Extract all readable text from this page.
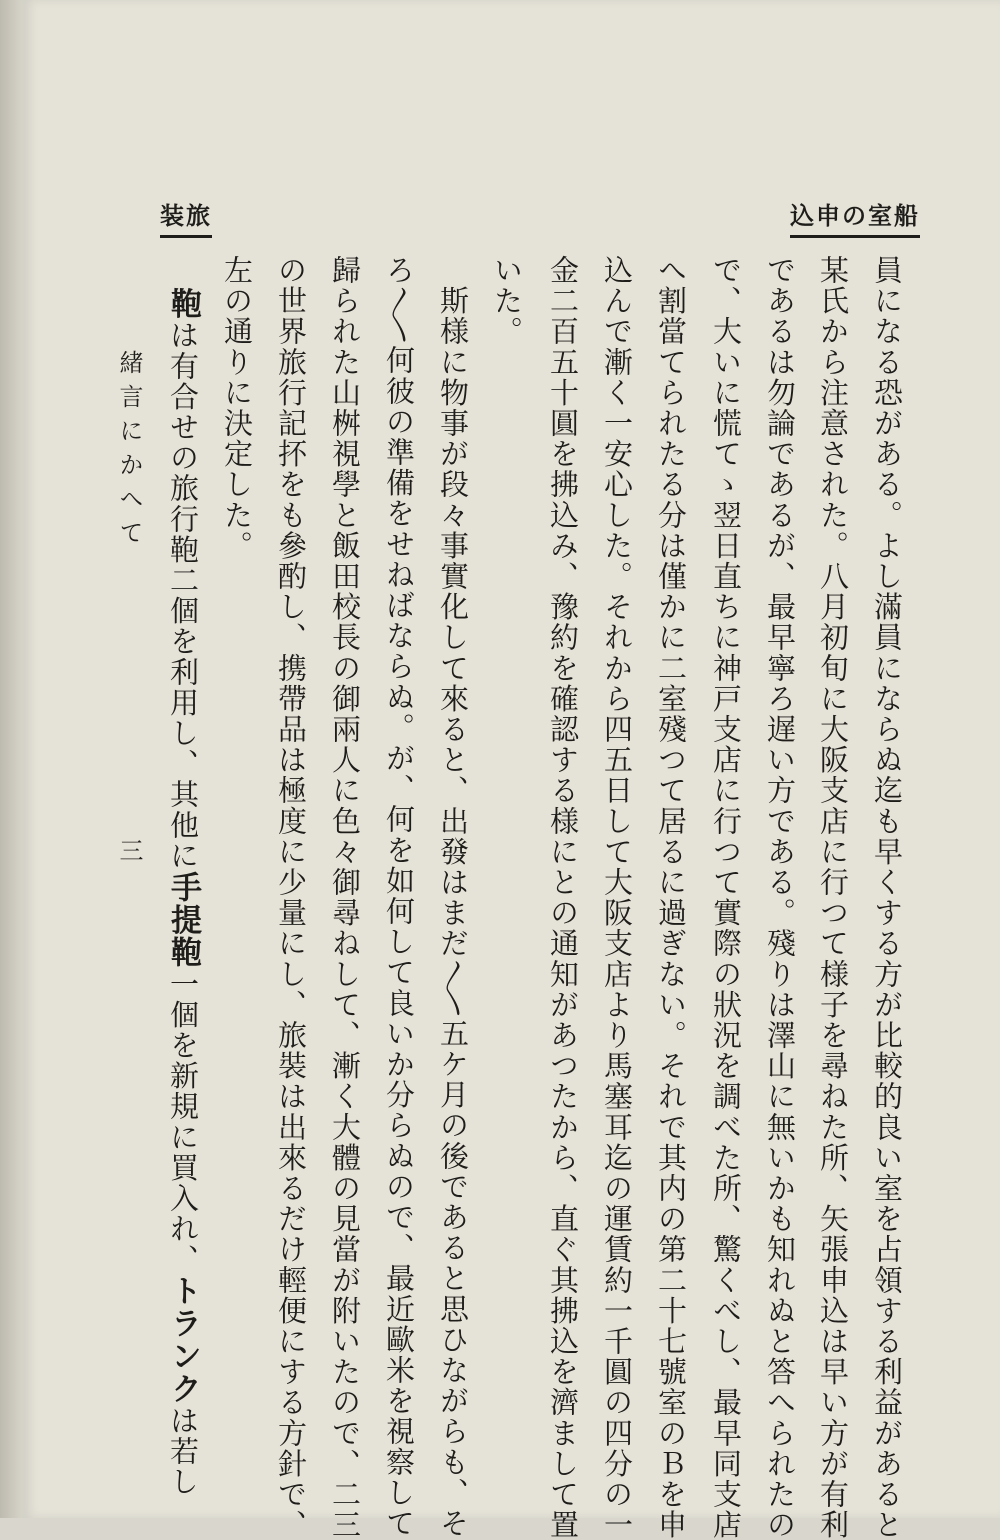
込申の室船
装旅
員になる恐がある。よし滿員にならぬ迄も早くする方が比較的良い室を占領する利益があると
某氏から注意された。八月初旬に大阪支店に行つて様子を尋ねた所、矢張申込は早い方が有利
であるは勿論であるが、最早寧ろ遅い方である。殘りは澤山に無いかも知れぬと答へられたの
で、大いに慌てゝ翌日直ちに神戸支店に行つて實際の狀況を調べた所、驚くべし、最早同支店
へ割當てられたる分は僅かに二室殘つて居るに過ぎない。それで其内の第二十七號室のＢを申
込んで漸く一安心した。それから四五日して大阪支店より馬塞耳迄の運賃約一千圓の四分の一
金二百五十圓を拂込み、豫約を確認する様にとの通知があつたから、直ぐ其拂込を濟まして置
いた。
　斯様に物事が段々事實化して來ると、出發はまだ〱五ケ月の後であると思ひながらも、そ
ろ〱何彼の準備をせねばならぬ。が、何を如何して良いか分らぬので、最近歐米を視察して
歸られた山桝視學と飯田校長の御兩人に色々御尋ねして、漸く大體の見當が附いたので、二三
の世界旅行記抔をも參酌し、携帶品は極度に少量にし、旅裝は出來るだけ輕便にする方針で、
左の通りに決定した。
　鞄は有合せの旅行鞄二個を利用し、其他に手提鞄一個を新規に買入れ、トランクは若し
緒言にかへて
三
